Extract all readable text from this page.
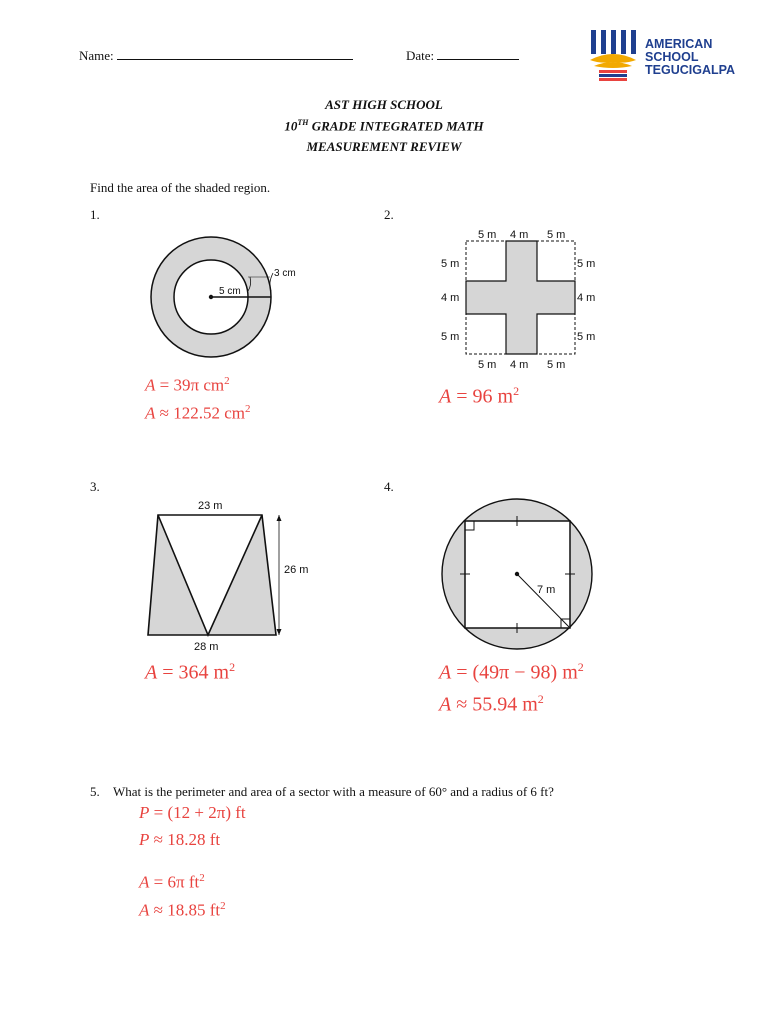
Name:	Date:
AMERICAN
SCHOOL
TEGUCIGALPA
AST HIGH SCHOOL
10TH GRADE INTEGRATED MATH
MEASUREMENT REVIEW
Find the area of the shaded region.
1.	2.
3.	4.
5 cm
3 cm
5 m 4 m 5 m
5 m
4 m
5 m
5 m
4 m
5 m
5 m 4 m 5 m
23 m
26 m
28 m
7 m
A = 39π $cm^2$
A ≈ 122.52 $cm^2$
A = 96 $m^2$
A = 364 $m^2$	A = (49π − 98) $m^2$
A ≈ 55.94 $m^2$
5. What is the perimeter and area of a sector with a measure of 60° and a radius of 6 ft?
P = (12 + 2π) ft
P ≈ 18.28 ft
A = 6π $ft^2$
A ≈ 18.85 $ft^2$
